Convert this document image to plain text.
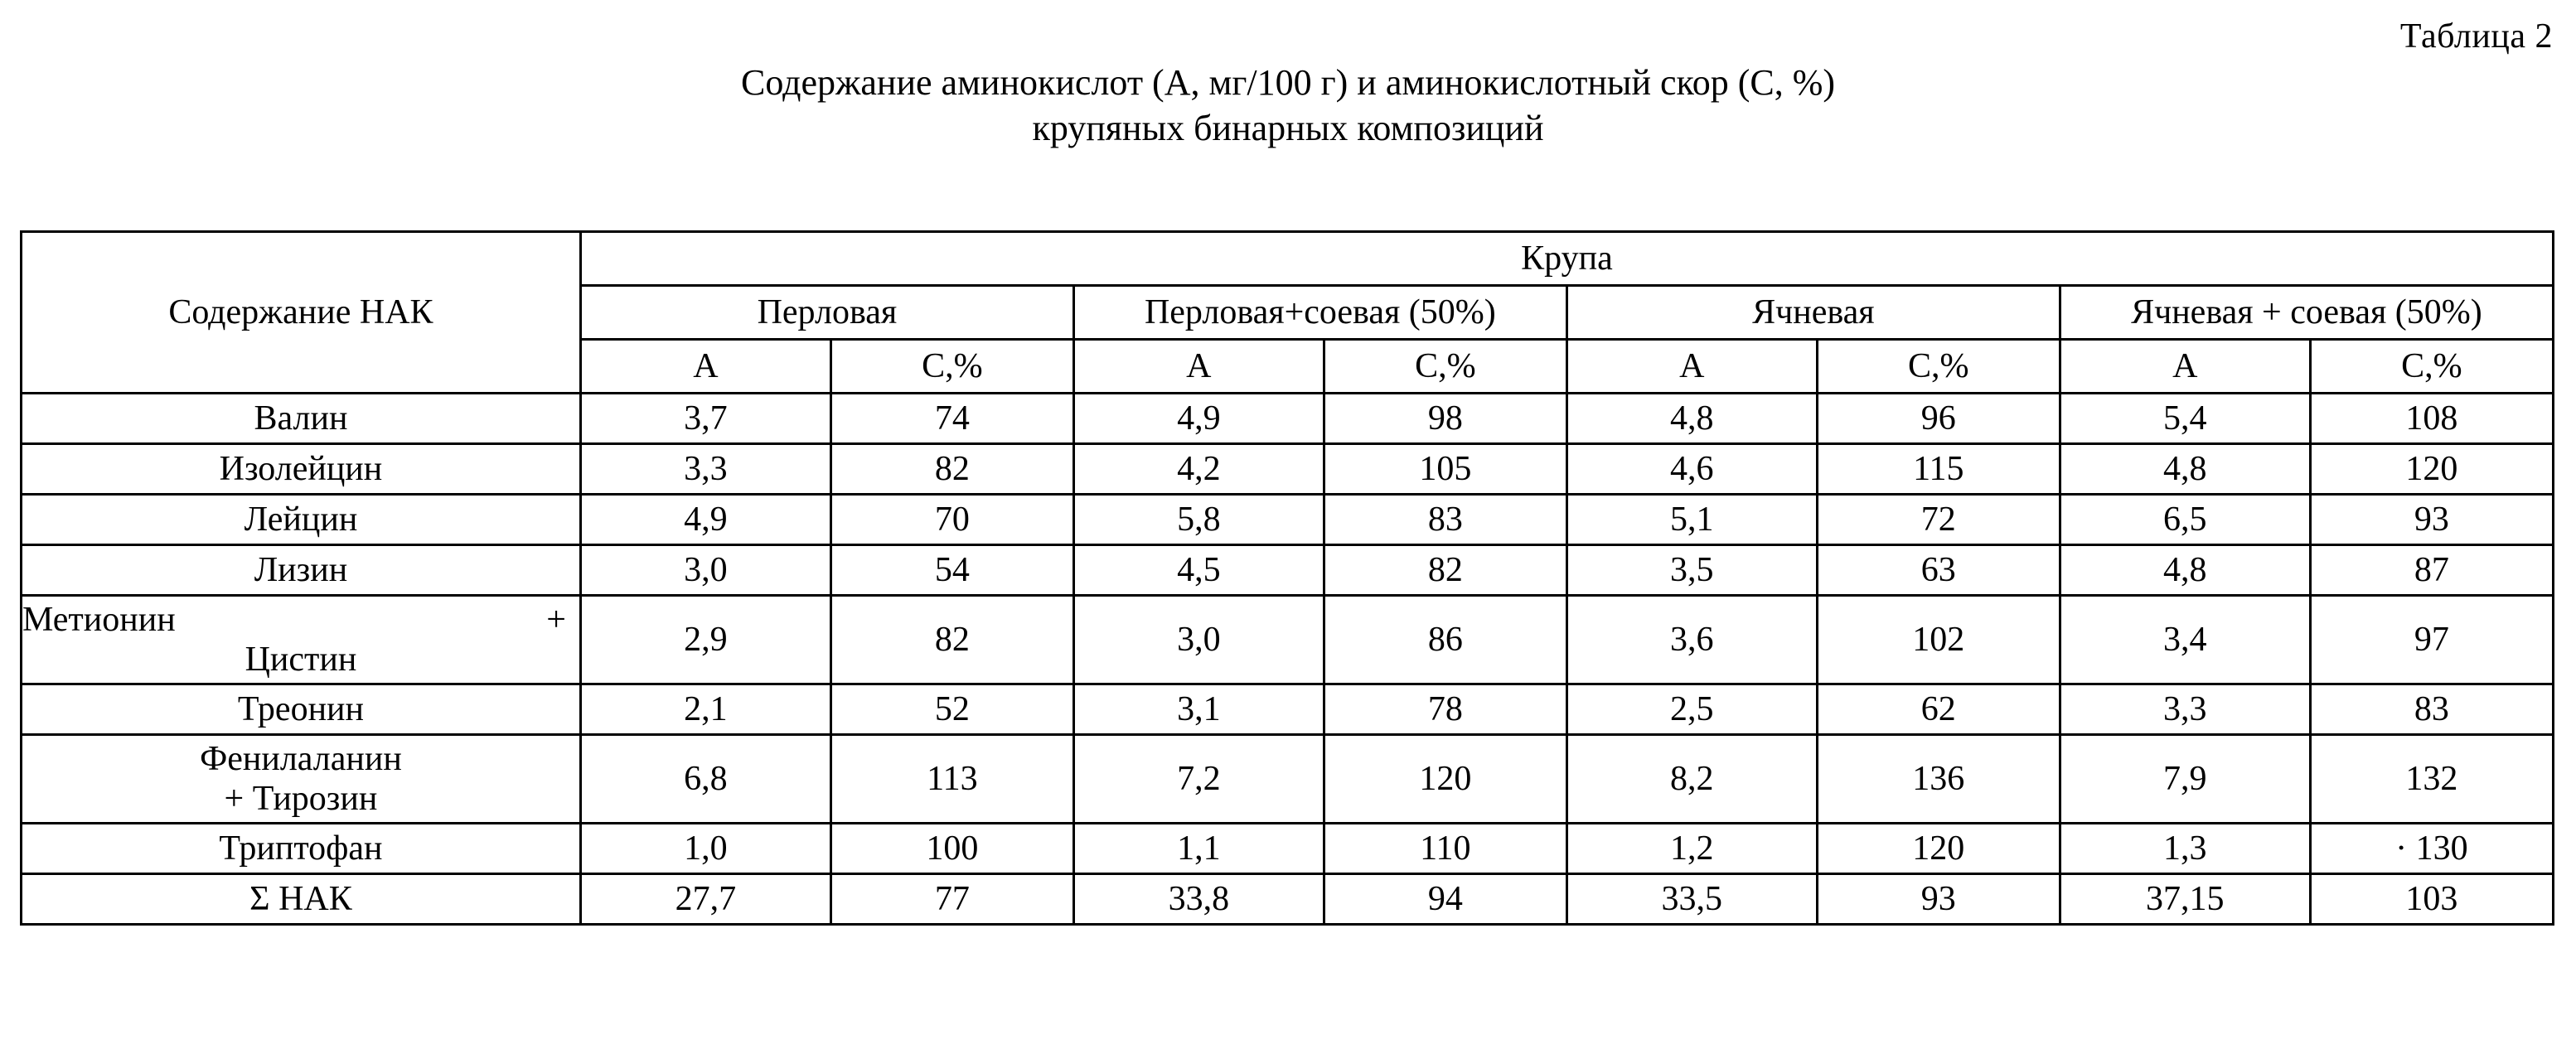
Таблица 2
Содержание аминокислот (А, мг/100 г) и аминокислотный скор (С, %)
крупяных бинарных композиций
Содержание НАК	Крупа							
	Перловая		Перловая+соевая (50%)		Ячневая		Ячневая + соевая (50%)	
	А	С,%	А	С,%	А	С,%	А	С,%
Валин	3,7	74	4,9	98	4,8	96	5,4	108
Изолейцин	3,3	82	4,2	105	4,6	115	4,8	120
Лейцин	4,9	70	5,8	83	5,1	72	6,5	93
Лизин	3,0	54	4,5	82	3,5	63	4,8	87

Метионин +
Цистин	2,9	82	3,0	86	3,6	102	3,4	97
Треонин	2,1	52	3,1	78	2,5	62	3,3	83
Фенилаланин
+ Тирозин	6,8	113	7,2	120	8,2	136	7,9	132
Триптофан	1,0	100	1,1	110	1,2	120	1,3	· 130
Σ НАК	27,7	77	33,8	94	33,5	93	37,15	103
